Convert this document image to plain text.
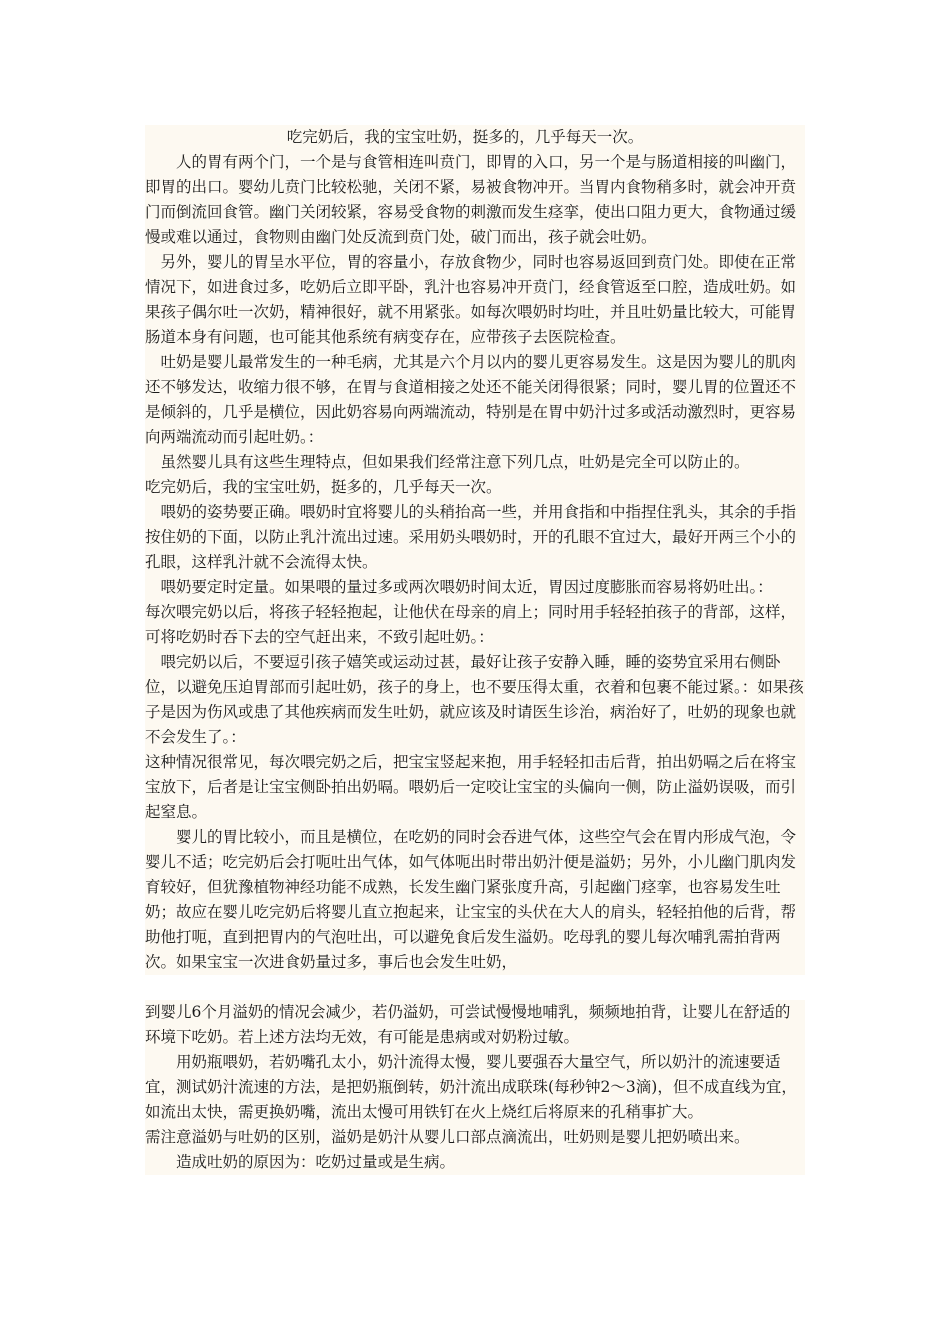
吃完奶后，我的宝宝吐奶，挺多的，几乎每天一次。

人的胃有两个门，一个是与食管相连叫贲门，即胃的入口，另一个是与肠道相接的叫幽门，即胃的出口。婴幼儿贲门比较松驰，关闭不紧，易被食物冲开。当胃内食物稍多时，就会冲开贲门而倒流回食管。幽门关闭较紧，容易受食物的刺激而发生痉挛，使出口阻力更大，食物通过缓慢或难以通过，食物则由幽门处反流到贲门处，破门而出，孩子就会吐奶。

另外，婴儿的胃呈水平位，胃的容量小，存放食物少，同时也容易返回到贲门处。即使在正常情况下，如进食过多，吃奶后立即平卧，乳汁也容易冲开贲门，经食管返至口腔，造成吐奶。如果孩子偶尔吐一次奶，精神很好，就不用紧张。如每次喂奶时均吐，并且吐奶量比较大，可能胃肠道本身有问题，也可能其他系统有病变存在，应带孩子去医院检查。

吐奶是婴儿最常发生的一种毛病，尤其是六个月以内的婴儿更容易发生。这是因为婴儿的肌肉还不够发达，收缩力很不够，在胃与食道相接之处还不能关闭得很紧；同时，婴儿胃的位置还不是倾斜的，几乎是横位，因此奶容易向两端流动，特别是在胃中奶汁过多或活动激烈时，更容易向两端流动而引起吐奶。：

虽然婴儿具有这些生理特点，但如果我们经常注意下列几点，吐奶是完全可以防止的。

吃完奶后，我的宝宝吐奶，挺多的，几乎每天一次。

喂奶的姿势要正确。喂奶时宜将婴儿的头稍抬高一些，并用食指和中指捏住乳头，其余的手指按住奶的下面，以防止乳汁流出过速。采用奶头喂奶时，开的孔眼不宜过大，最好开两三个小的孔眼，这样乳汁就不会流得太快。

喂奶要定时定量。如果喂的量过多或两次喂奶时间太近，胃因过度膨胀而容易将奶吐出。：　　每次喂完奶以后，将孩子轻轻抱起，让他伏在母亲的肩上；同时用手轻轻拍孩子的背部，这样，可将吃奶时吞下去的空气赶出来，不致引起吐奶。：

喂完奶以后，不要逗引孩子嬉笑或运动过甚，最好让孩子安静入睡，睡的姿势宜采用右侧卧位，以避免压迫胃部而引起吐奶，孩子的身上，也不要压得太重，衣着和包裹不能过紧。：如果孩子是因为伤风或患了其他疾病而发生吐奶，就应该及时请医生诊治，病治好了，吐奶的现象也就不会发生了。：

这种情况很常见，每次喂完奶之后，把宝宝竖起来抱，用手轻轻扣击后背，拍出奶嗝之后在将宝宝放下，后者是让宝宝侧卧拍出奶嗝。喂奶后一定咬让宝宝的头偏向一侧，防止溢奶误吸，而引起窒息。

婴儿的胃比较小，而且是横位，在吃奶的同时会吞进气体，这些空气会在胃内形成气泡，令婴儿不适；吃完奶后会打呃吐出气体，如气体呃出时带出奶汁便是溢奶；另外，小儿幽门肌肉发育较好，但犹豫植物神经功能不成熟，长发生幽门紧张度升高，引起幽门痉挛，也容易发生吐奶；故应在婴儿吃完奶后将婴儿直立抱起来，让宝宝的头伏在大人的肩头，轻轻拍他的后背，帮助他打呃，直到把胃内的气泡吐出，可以避免食后发生溢奶。吃母乳的婴儿每次哺乳需拍背两次。如果宝宝一次进食奶量过多，事后也会发生吐奶，

到婴儿6个月溢奶的情况会减少，若仍溢奶，可尝试慢慢地哺乳，频频地拍背，让婴儿在舒适的环境下吃奶。若上述方法均无效，有可能是患病或对奶粉过敏。

用奶瓶喂奶，若奶嘴孔太小，奶汁流得太慢，婴儿要强吞大量空气，所以奶汁的流速要适宜，测试奶汁流速的方法，是把奶瓶倒转，奶汁流出成联珠(每秒钟2～3滴)，但不成直线为宜，如流出太快，需更换奶嘴，流出太慢可用铁钉在火上烧红后将原来的孔稍事扩大。

需注意溢奶与吐奶的区别，溢奶是奶汁从婴儿口部点滴流出，吐奶则是婴儿把奶喷出来。

造成吐奶的原因为：吃奶过量或是生病。
